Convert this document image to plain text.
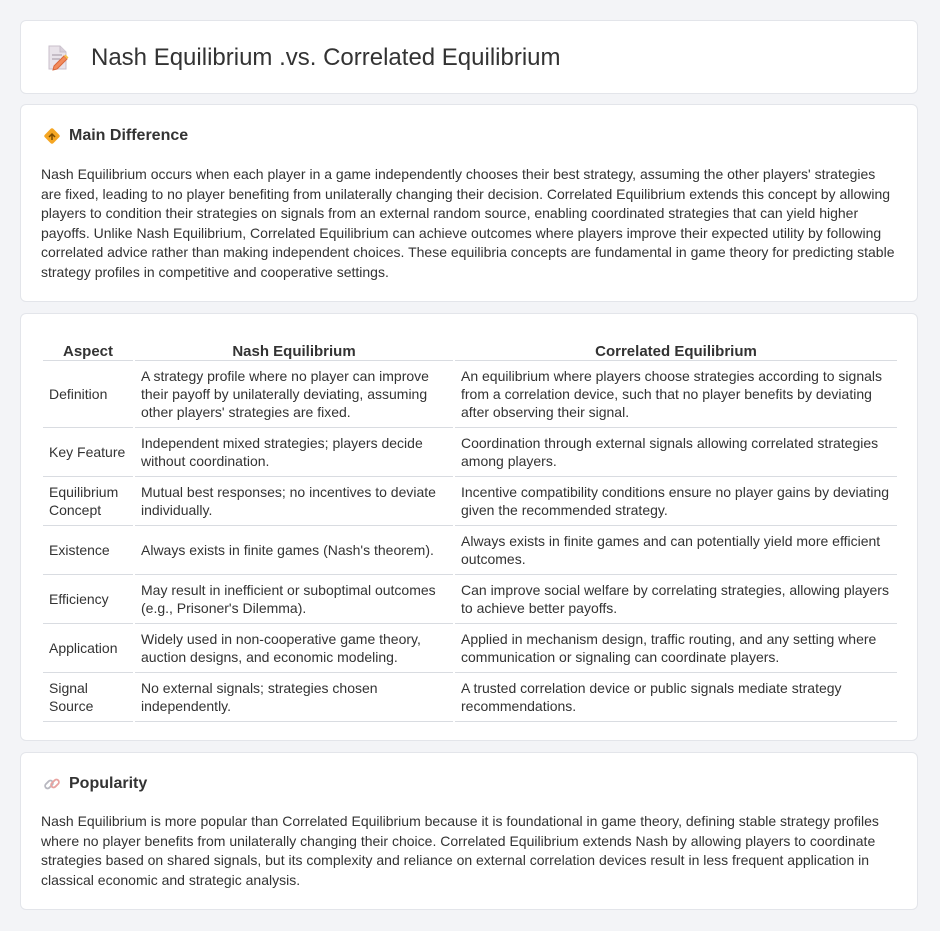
Nash Equilibrium .vs. Correlated Equilibrium
Main Difference

Nash Equilibrium occurs when each player in a game independently chooses their best strategy, assuming the other players' strategies are fixed, leading to no player benefiting from unilaterally changing their decision. Correlated Equilibrium extends this concept by allowing players to condition their strategies on signals from an external random source, enabling coordinated strategies that can yield higher payoffs. Unlike Nash Equilibrium, Correlated Equilibrium can achieve outcomes where players improve their expected utility by following correlated advice rather than making independent choices. These equilibria concepts are fundamental in game theory for predicting stable strategy profiles in competitive and cooperative settings.

Aspect	Nash Equilibrium	Correlated Equilibrium
Definition	A strategy profile where no player can improve their payoff by unilaterally deviating, assuming other players' strategies are fixed.	An equilibrium where players choose strategies according to signals from a correlation device, such that no player benefits by deviating after observing their signal.
Key Feature	Independent mixed strategies; players decide without coordination.	Coordination through external signals allowing correlated strategies among players.
Equilibrium Concept	Mutual best responses; no incentives to deviate individually.	Incentive compatibility conditions ensure no player gains by deviating given the recommended strategy.
Existence	Always exists in finite games (Nash's theorem).	Always exists in finite games and can potentially yield more efficient outcomes.
Efficiency	May result in inefficient or suboptimal outcomes (e.g., Prisoner's Dilemma).	Can improve social welfare by correlating strategies, allowing players to achieve better payoffs.
Application	Widely used in non-cooperative game theory, auction designs, and economic modeling.	Applied in mechanism design, traffic routing, and any setting where communication or signaling can coordinate players.
Signal Source	No external signals; strategies chosen independently.	A trusted correlation device or public signals mediate strategy recommendations.
Popularity

Nash Equilibrium is more popular than Correlated Equilibrium because it is foundational in game theory, defining stable strategy profiles where no player benefits from unilaterally changing their choice. Correlated Equilibrium extends Nash by allowing players to coordinate strategies based on shared signals, but its complexity and reliance on external correlation devices result in less frequent application in classical economic and strategic analysis.
